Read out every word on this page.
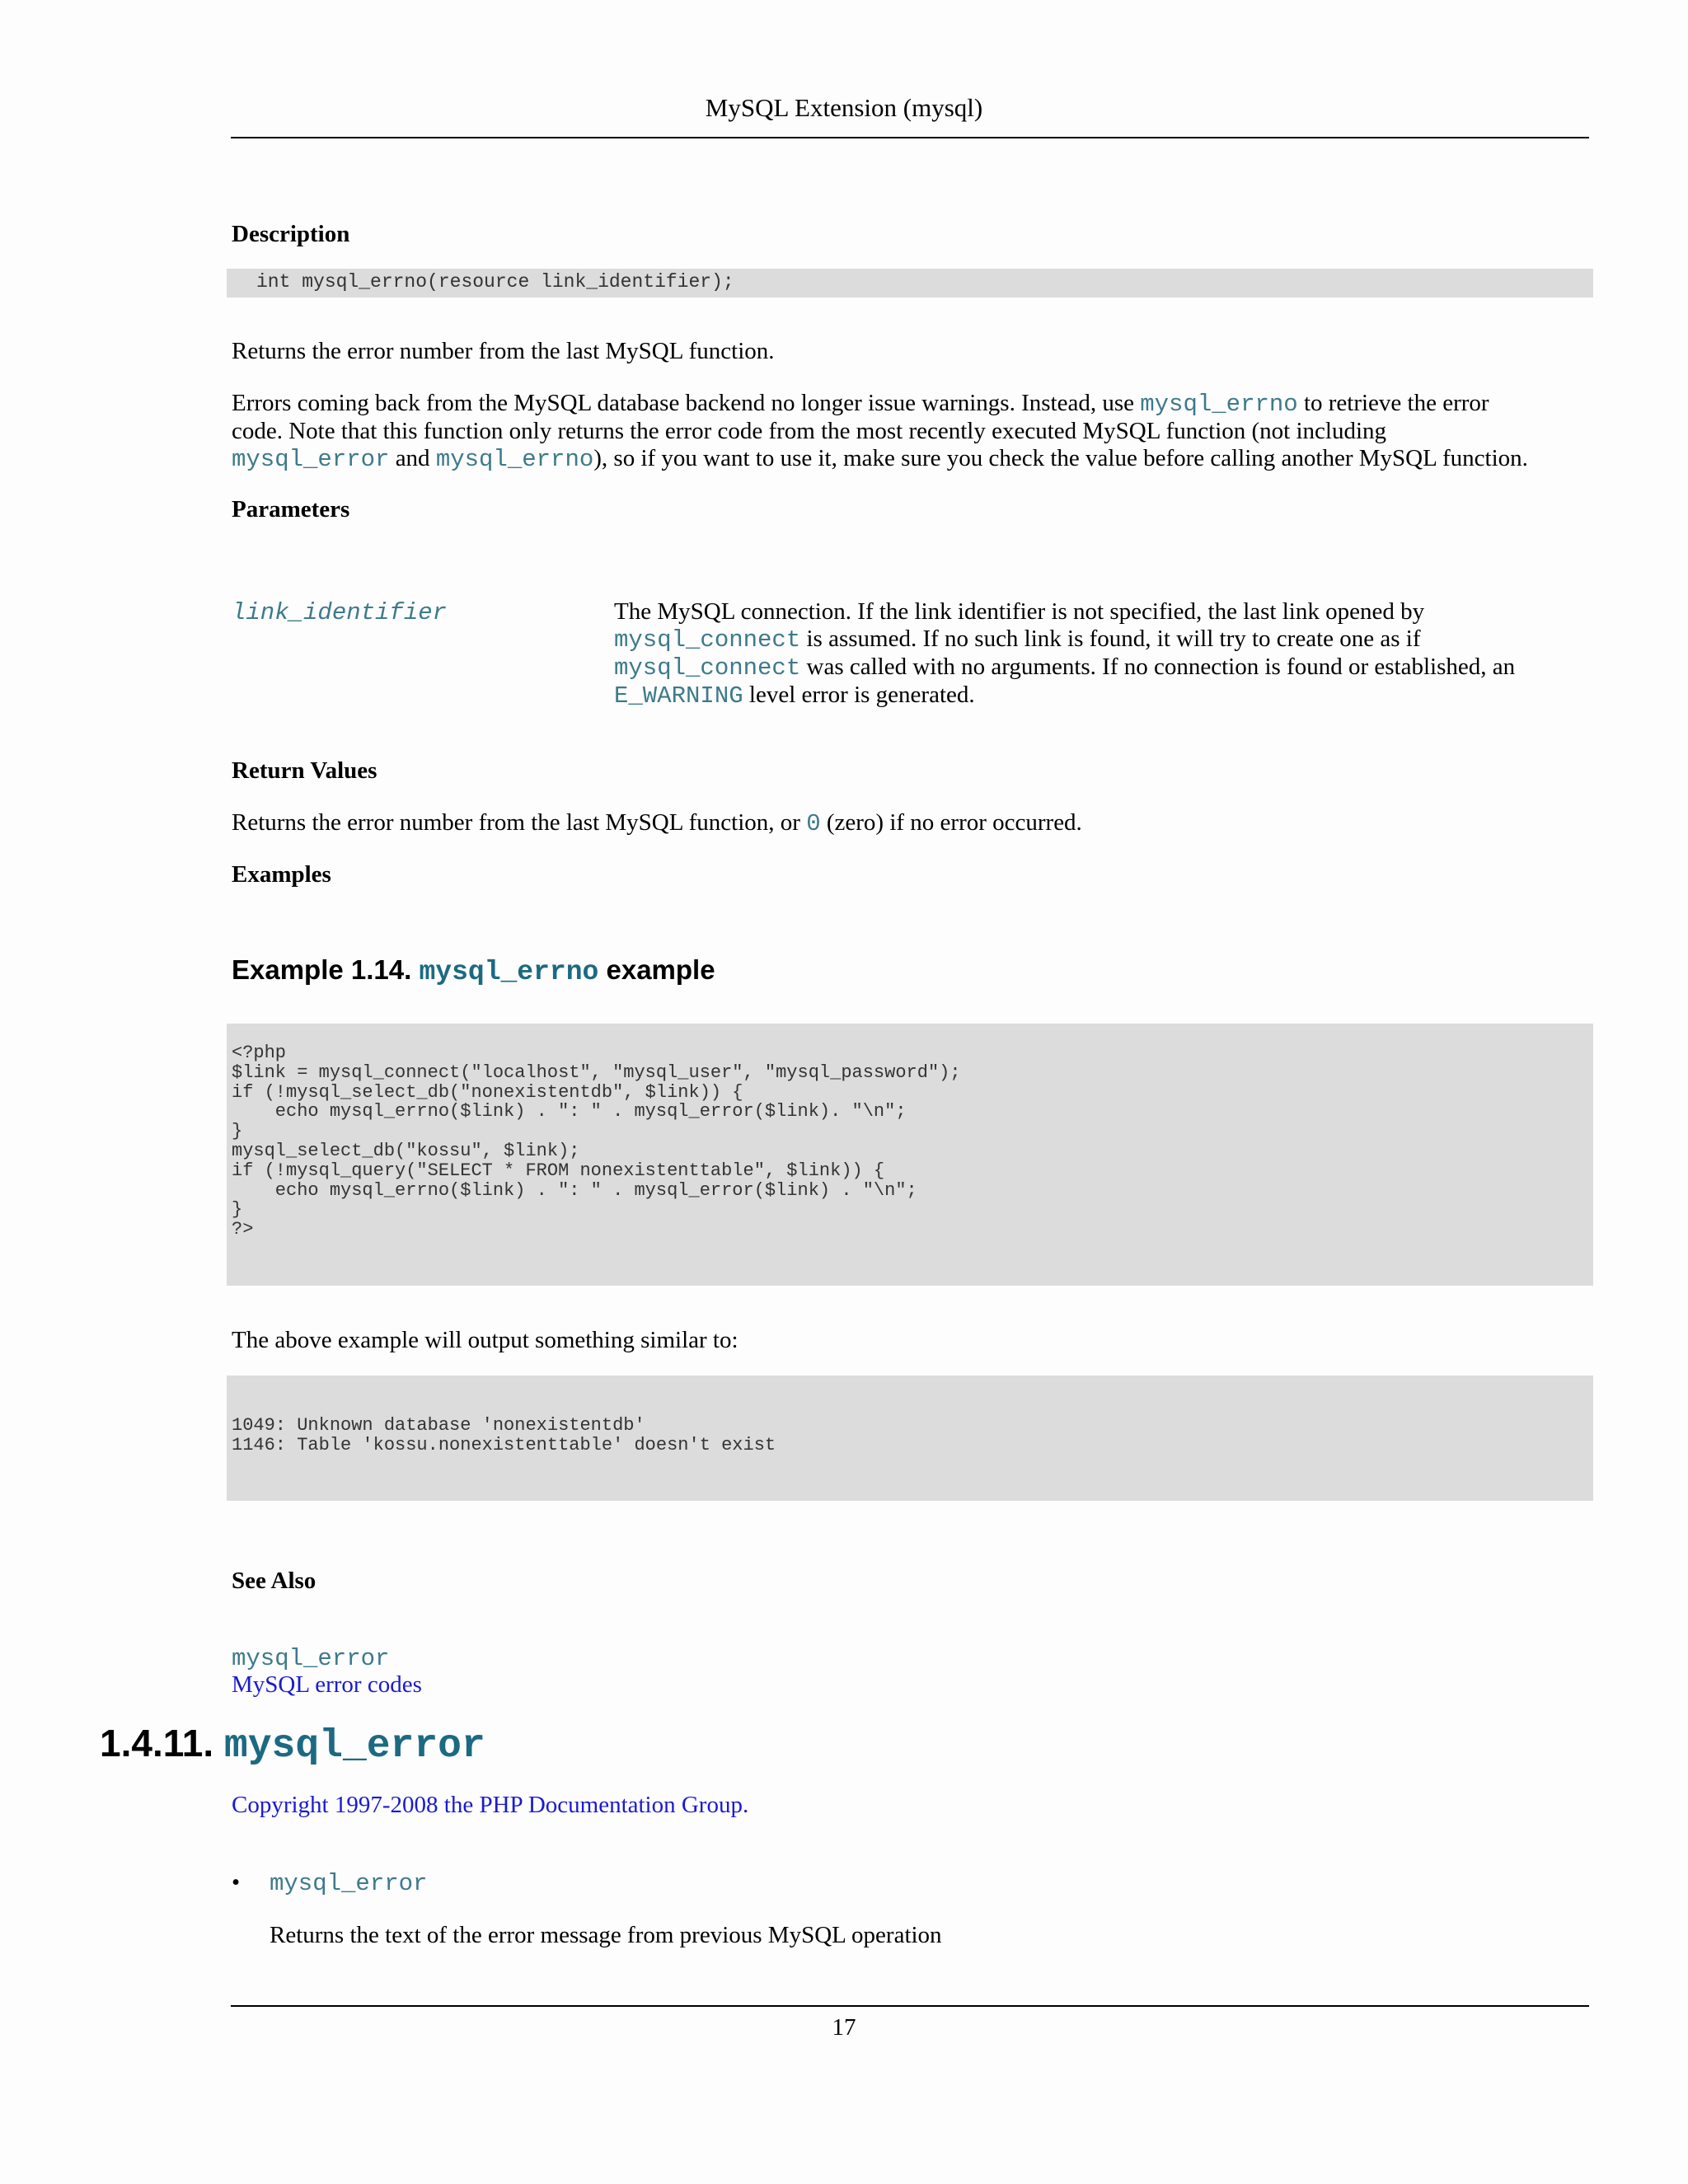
MySQL Extension (mysql)
Description
int mysql_errno(resource link_identifier);
Returns the error number from the last MySQL function.
Errors coming back from the MySQL database backend no longer issue warnings. Instead, use mysql_errno to retrieve the error
code. Note that this function only returns the error code from the most recently executed MySQL function (not including
mysql_error and mysql_errno), so if you want to use it, make sure you check the value before calling another MySQL function.
Parameters
link_identifier	The MySQL connection. If the link identifier is not specified, the last link opened by
mysql_connect is assumed. If no such link is found, it will try to create one as if
mysql_connect was called with no arguments. If no connection is found or established, an
E_WARNING level error is generated.
Return Values
Returns the error number from the last MySQL function, or 0 (zero) if no error occurred.
Examples
Example 1.14. mysql_errno example
<?php
$link = mysql_connect("localhost", "mysql_user", "mysql_password");
if (!mysql_select_db("nonexistentdb", $link)) {
echo mysql_errno($link) . ": " . mysql_error($link). "\n";
}
mysql_select_db("kossu", $link);
if (!mysql_query("SELECT * FROM nonexistenttable", $link)) {
echo mysql_errno($link) . ": " . mysql_error($link) . "\n";
}
?>
The above example will output something similar to:
1049: Unknown database 'nonexistentdb'
1146: Table 'kossu.nonexistenttable' doesn't exist
See Also
mysql_error
MySQL error codes
1.4.11. mysql_error
Copyright 1997-2008 the PHP Documentation Group.
• mysql_error
Returns the text of the error message from previous MySQL operation
17
